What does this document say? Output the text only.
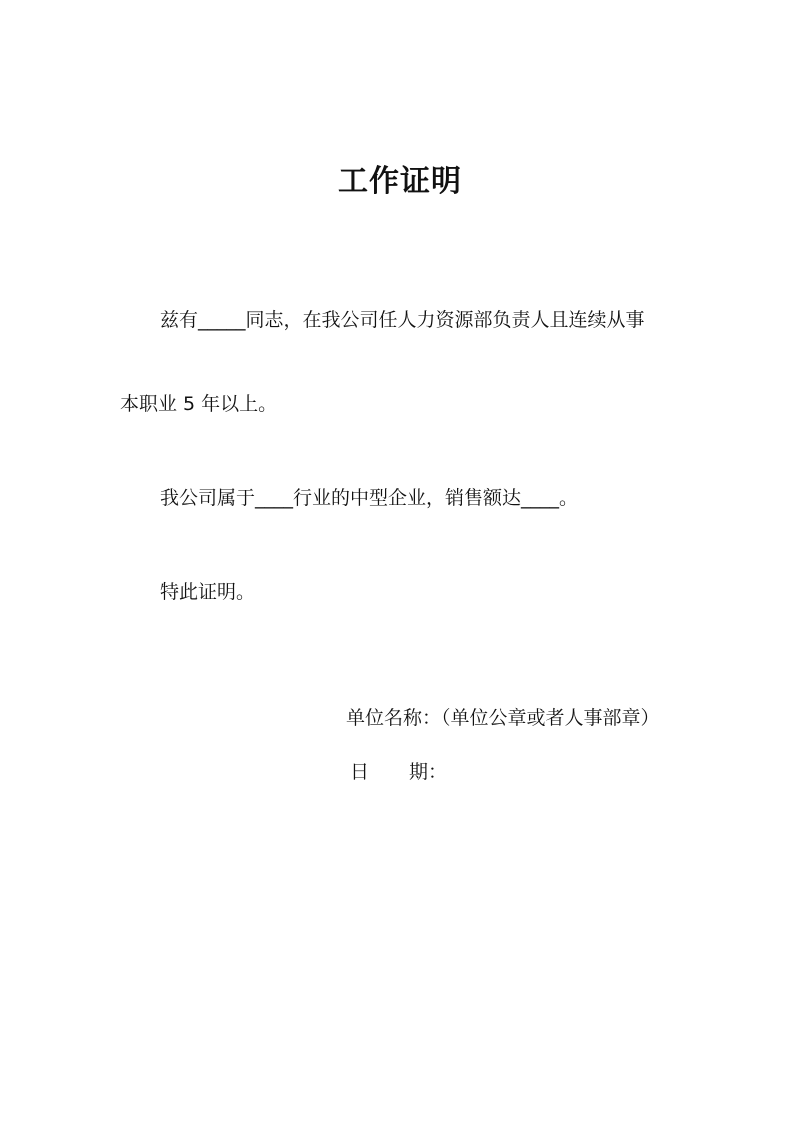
工作证明
兹有_____同志，在我公司任人力资源部负责人且连续从事
本职业 5 年以上。
我公司属于____行业的中型企业，销售额达____。
特此证明。
单位名称：（单位公章或者人事部章）
日 期：
